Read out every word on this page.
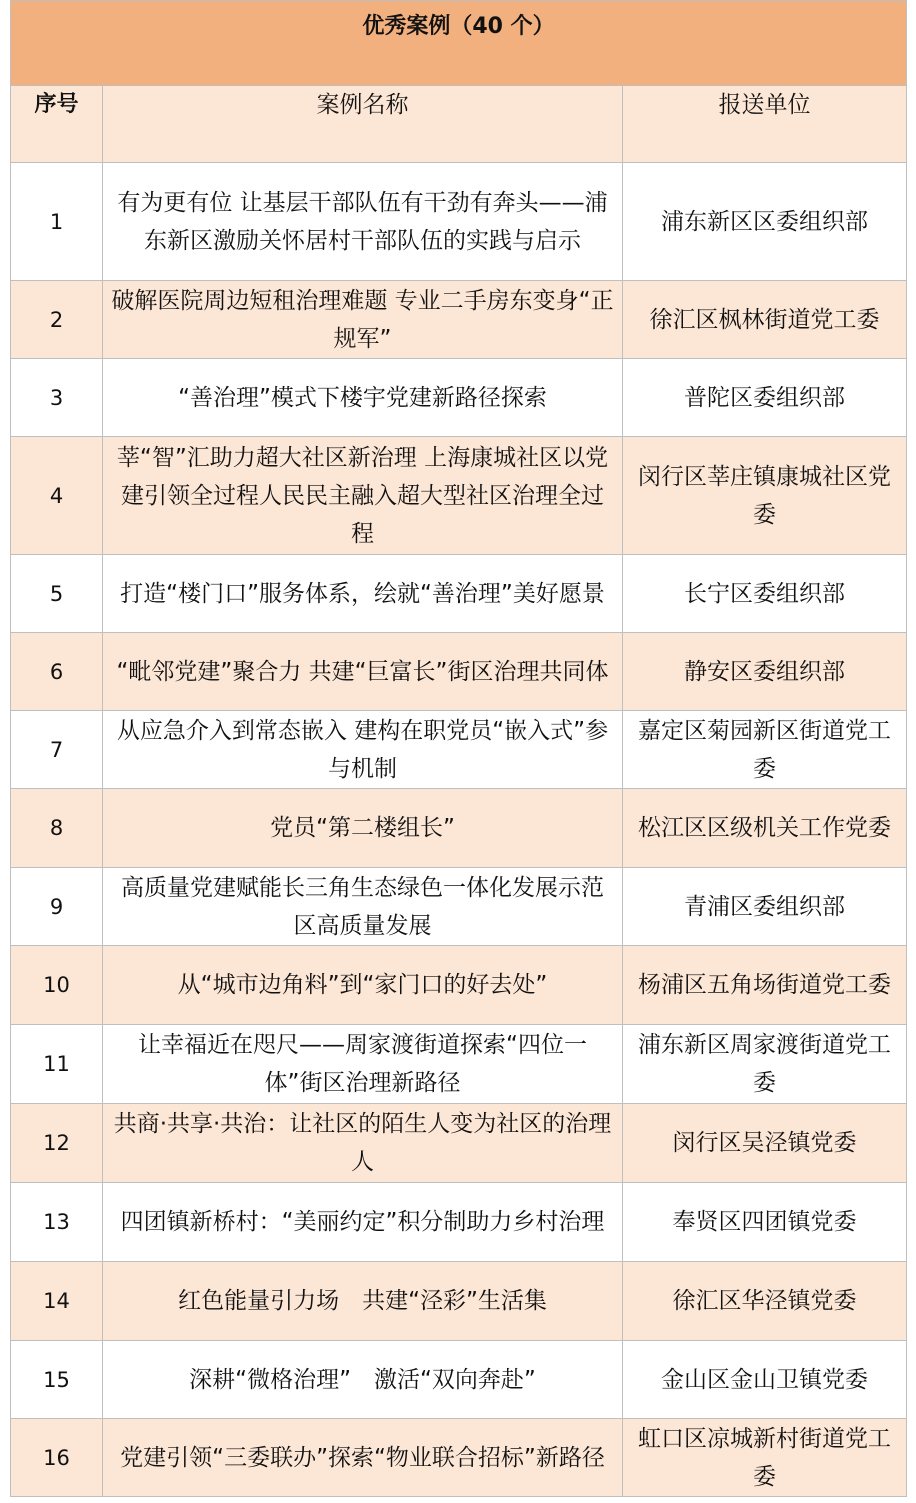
优秀案例（40 个）		
序号	案例名称	报送单位
1	有为更有位 让基层干部队伍有干劲有奔头——浦东新区激励关怀居村干部队伍的实践与启示	浦东新区区委组织部
2	破解医院周边短租治理难题 专业二手房东变身“正规军”	徐汇区枫林街道党工委
3	“善治理”模式下楼宇党建新路径探索	普陀区委组织部
4	莘“智”汇助力超大社区新治理 上海康城社区以党建引领全过程人民民主融入超大型社区治理全过程	闵行区莘庄镇康城社区党委
5	打造“楼门口”服务体系，绘就“善治理”美好愿景	长宁区委组织部
6	“毗邻党建”聚合力 共建“巨富长”街区治理共同体	静安区委组织部
7	从应急介入到常态嵌入 建构在职党员“嵌入式”参与机制	嘉定区菊园新区街道党工委
8	党员“第二楼组长”	松江区区级机关工作党委
9	高质量党建赋能长三角生态绿色一体化发展示范区高质量发展	青浦区委组织部
10	从“城市边角料”到“家门口的好去处”	杨浦区五角场街道党工委
11	让幸福近在咫尺——周家渡街道探索“四位一体”街区治理新路径	浦东新区周家渡街道党工委
12	共商·共享·共治：让社区的陌生人变为社区的治理人	闵行区吴泾镇党委
13	四团镇新桥村：“美丽约定”积分制助力乡村治理	奉贤区四团镇党委
14	红色能量引力场　共建“泾彩”生活集	徐汇区华泾镇党委
15	深耕“微格治理”　激活“双向奔赴”	金山区金山卫镇党委
16	党建引领“三委联办”探索“物业联合招标”新路径	虹口区凉城新村街道党工委
